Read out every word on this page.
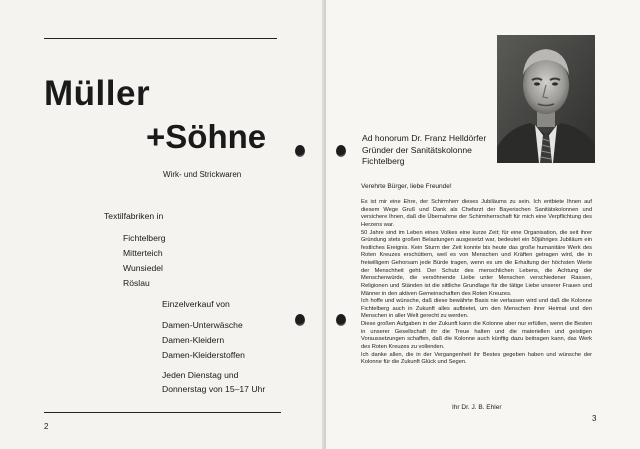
Müller
+Söhne
Wirk- und Strickwaren
Textilfabriken in
Fichtelberg
Mitterteich
Wunsiedel
Röslau
Einzelverkauf von
Damen-Unterwäsche
Damen-Kleidern
Damen-Kleiderstoffen
Jeden Dienstag und
Donnerstag von 15–17 Uhr
2
Ad honorum Dr. Franz Helldörfer
Gründer der Sanitätskolonne
Fichtelberg
Verehrte Bürger, liebe Freunde!

Es ist mir eine Ehre, der Schirmherr dieses Jubiläums zu sein. Ich entbiete Ihnen auf diesem Wege Gruß und Dank als Chefarzt der Bayerischen Sanitätskolonnen und versichere Ihnen, daß die Übernahme der Schirmherrschaft für mich eine Verpflichtung des Herzens war.

50 Jahre sind im Leben eines Volkes eine kurze Zeit; für eine Organisation, die seit ihrer Gründung stets großen Belastungen ausgesetzt war, bedeutet ein 50jähriges Jubiläum ein festliches Ereignis. Kein Sturm der Zeit konnte bis heute das große humanitäre Werk des Roten Kreuzes erschüttern, weil es von Menschen und Kräften getragen wird, die in freiwilligem Gehorsam jede Bürde tragen, wenn es um die Erhaltung der höchsten Werte der Menschheit geht. Der Schutz des menschlichen Lebens, die Achtung der Menschenwürde, die versöhnende Liebe unter Menschen verschiedener Rassen, Religionen und Ständen ist die sittliche Grundlage für die tätige Liebe unserer Frauen und Männer in den aktiven Gemeinschaften des Roten Kreuzes.

Ich hoffe und wünsche, daß diese bewährte Basis nie verlassen wird und daß die Kolonne Fichtelberg auch in Zukunft alles aufbietet, um den Menschen ihrer Heimat und den Menschen in aller Welt gerecht zu werden.

Diese großen Aufgaben in der Zukunft kann die Kolonne aber nur erfüllen, wenn die Besten in unserer Gesellschaft ihr die Treue halten und die materiellen und geistigen Voraussetzungen schaffen, daß die Kolonne auch künftig dazu beitragen kann, das Werk des Roten Kreuzes zu vollenden.

Ich danke allen, die in der Vergangenheit ihr Bestes gegeben haben und wünsche der Kolonne für die Zukunft Glück und Segen.

Ihr Dr. J. B. Ehler
3
